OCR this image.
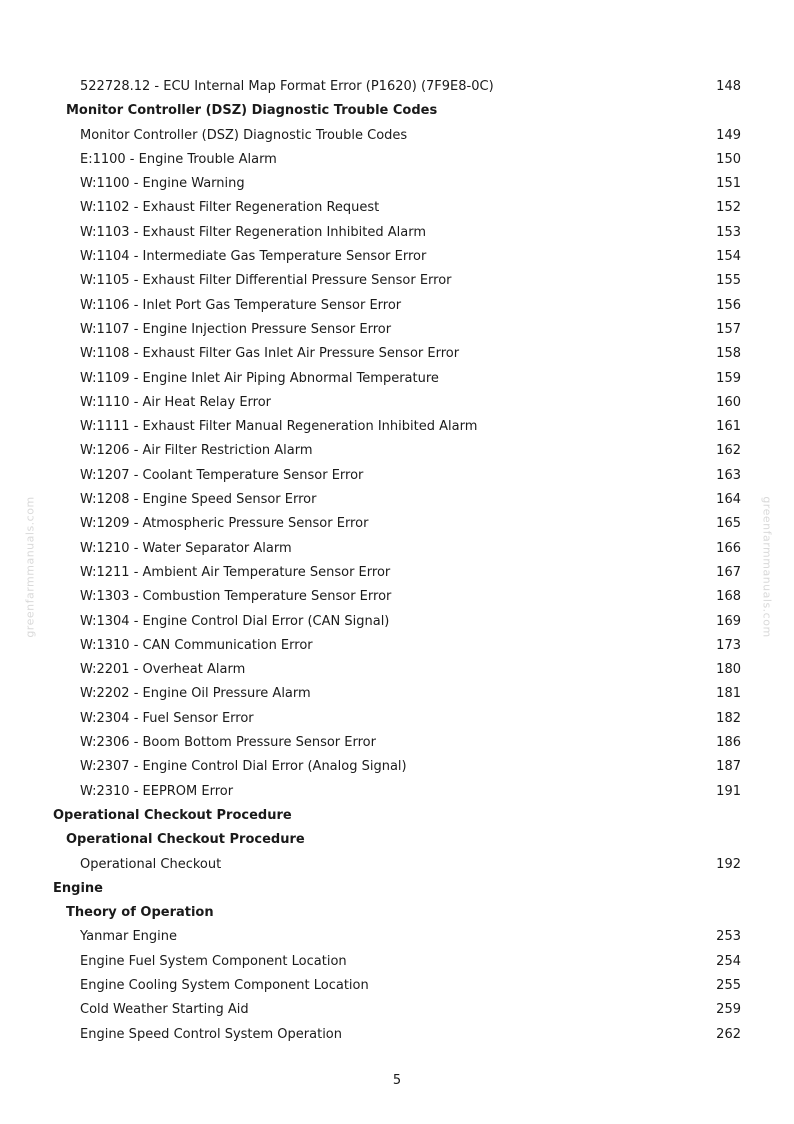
greenfarmmanuals.com	greenfarmmanuals.com
522728.12 - ECU Internal Map Format Error (P1620) (7F9E8-0C)	148
Monitor Controller (DSZ) Diagnostic Trouble Codes
Monitor Controller (DSZ) Diagnostic Trouble Codes	149
E:1100 - Engine Trouble Alarm	150
W:1100 - Engine Warning	151
W:1102 - Exhaust Filter Regeneration Request	152
W:1103 - Exhaust Filter Regeneration Inhibited Alarm	153
W:1104 - Intermediate Gas Temperature Sensor Error	154
W:1105 - Exhaust Filter Differential Pressure Sensor Error	155
W:1106 - Inlet Port Gas Temperature Sensor Error	156
W:1107 - Engine Injection Pressure Sensor Error	157
W:1108 - Exhaust Filter Gas Inlet Air Pressure Sensor Error	158
W:1109 - Engine Inlet Air Piping Abnormal Temperature	159
W:1110 - Air Heat Relay Error	160
W:1111 - Exhaust Filter Manual Regeneration Inhibited Alarm	161
W:1206 - Air Filter Restriction Alarm	162
W:1207 - Coolant Temperature Sensor Error	163
W:1208 - Engine Speed Sensor Error	164
W:1209 - Atmospheric Pressure Sensor Error	165
W:1210 - Water Separator Alarm	166
W:1211 - Ambient Air Temperature Sensor Error	167
W:1303 - Combustion Temperature Sensor Error	168
W:1304 - Engine Control Dial Error (CAN Signal)	169
W:1310 - CAN Communication Error	173
W:2201 - Overheat Alarm	180
W:2202 - Engine Oil Pressure Alarm	181
W:2304 - Fuel Sensor Error	182
W:2306 - Boom Bottom Pressure Sensor Error	186
W:2307 - Engine Control Dial Error (Analog Signal)	187
W:2310 - EEPROM Error	191
Operational Checkout Procedure
Operational Checkout Procedure
Operational Checkout	192
Engine
Theory of Operation
Yanmar Engine	253
Engine Fuel System Component Location	254
Engine Cooling System Component Location	255
Cold Weather Starting Aid	259
Engine Speed Control System Operation	262
5
